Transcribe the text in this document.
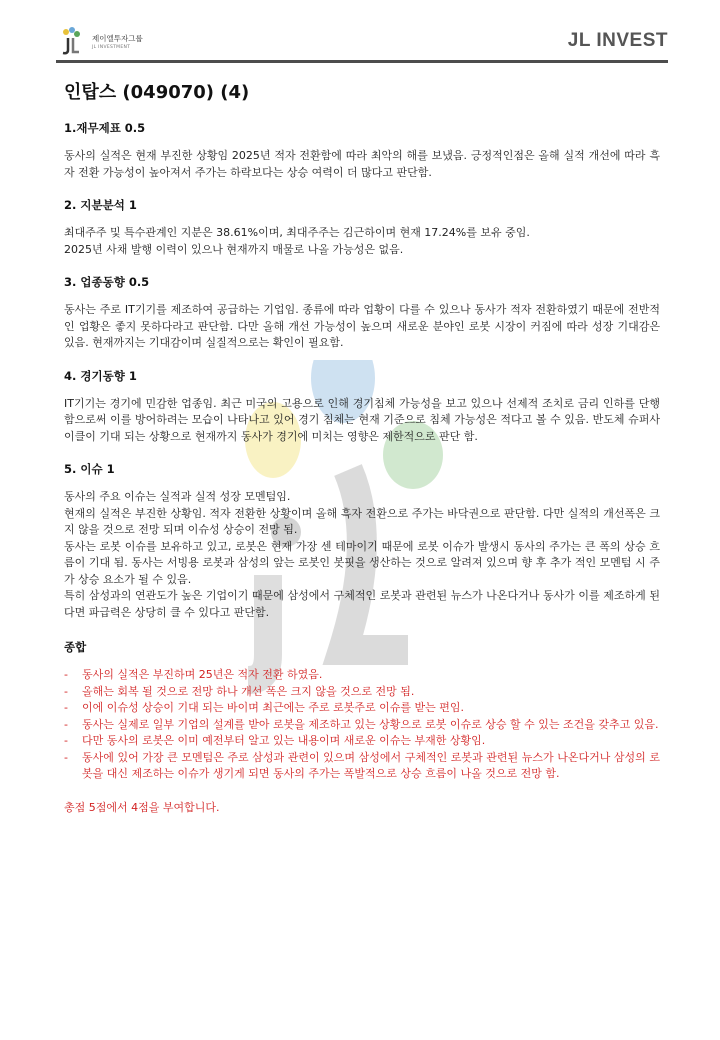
제이엘투자그룹
JL INVESTMENT	JL INVEST
인탑스 (049070) (4)
1.재무제표 0.5
동사의 실적은 현재 부진한 상황임 2025년 적자 전환함에 따라 최악의 해를 보냈음. 긍정적인점은 올해 실적 개선에 따라 흑자 전환 가능성이 높아져서 주가는 하락보다는 상승 여력이 더 많다고 판단함.
2. 지분분석 1
최대주주 및 특수관계인 지분은 38.61%이며, 최대주주는 김근하이며 현재 17.24%를 보유 중임.
2025년 사채 발행 이력이 있으나 현재까지 매물로 나올 가능성은 없음.
3. 업종동향 0.5
동사는 주로 IT기기를 제조하여 공급하는 기업임. 종류에 따라 업황이 다를 수 있으나 동사가 적자 전환하였기 때문에 전반적인 업황은 좋지 못하다라고 판단함. 다만 올해 개선 가능성이 높으며 새로운 분야인 로봇 시장이 커짐에 따라 성장 기대감은 있음. 현재까지는 기대감이며 실질적으로는 확인이 필요함.
4. 경기동향 1
IT기기는 경기에 민감한 업종임. 최근 미국의 고용으로 인해 경기침체 가능성을 보고 있으나 선제적 조치로 금리 인하를 단행함으로써 이를 방어하려는 모습이 나타나고 있어 경기 침체는 현재 기준으로 침체 가능성은 적다고 볼 수 있음. 반도체 슈퍼사이클이 기대 되는 상황으로 현재까지 동사가 경기에 미치는 영향은 제한적으로 판단 함.
5. 이슈 1
동사의 주요 이슈는 실적과 실적 성장 모멘텀임.
현재의 실적은 부진한 상황임. 적자 전환한 상황이며 올해 흑자 전환으로 주가는 바닥권으로 판단함. 다만 실적의 개선폭은 크지 않을 것으로 전망 되며 이슈성 상승이 전망 됨.
동사는 로봇 이슈를 보유하고 있고, 로봇은 현재 가장 센 테마이기 때문에 로봇 이슈가 발생시 동사의 주가는 큰 폭의 상승 흐름이 기대 됨. 동사는 서빙용 로봇과 삼성의 앞는 로봇인 봇핏을 생산하는 것으로 알려져 있으며 향 후 추가 적인 모멘텀 시 주가 상승 요소가 될 수 있음.
특히 삼성과의 연관도가 높은 기업이기 때문에 삼성에서 구체적인 로봇과 관련된 뉴스가 나온다거나 동사가 이를 제조하게 된다면 파급력은 상당히 클 수 있다고 판단함.
종합
- 동사의 실적은 부진하며 25년은 적자 전환 하였음.
- 올해는 회복 될 것으로 전망 하나 개선 폭은 크지 않을 것으로 전망 됨.
- 이에 이슈성 상승이 기대 되는 바이며 최근에는 주로 로봇주로 이슈를 받는 편임.
- 동사는 실제로 일부 기업의 설계를 받아 로봇을 제조하고 있는 상황으로 로봇 이슈로 상승 할 수 있는 조건을 갖추고 있음.
- 다만 동사의 로봇은 이미 예전부터 알고 있는 내용이며 새로운 이슈는 부재한 상황임.
- 동사에 있어 가장 큰 모멘텀은 주로 삼성과 관련이 있으며 삼성에서 구체적인 로봇과 관련된 뉴스가 나온다거나 삼성의 로봇을 대신 제조하는 이슈가 생기게 되면 동사의 주가는 폭발적으로 상승 흐름이 나올 것으로 전망 함.
총점 5점에서 4점을 부여합니다.
